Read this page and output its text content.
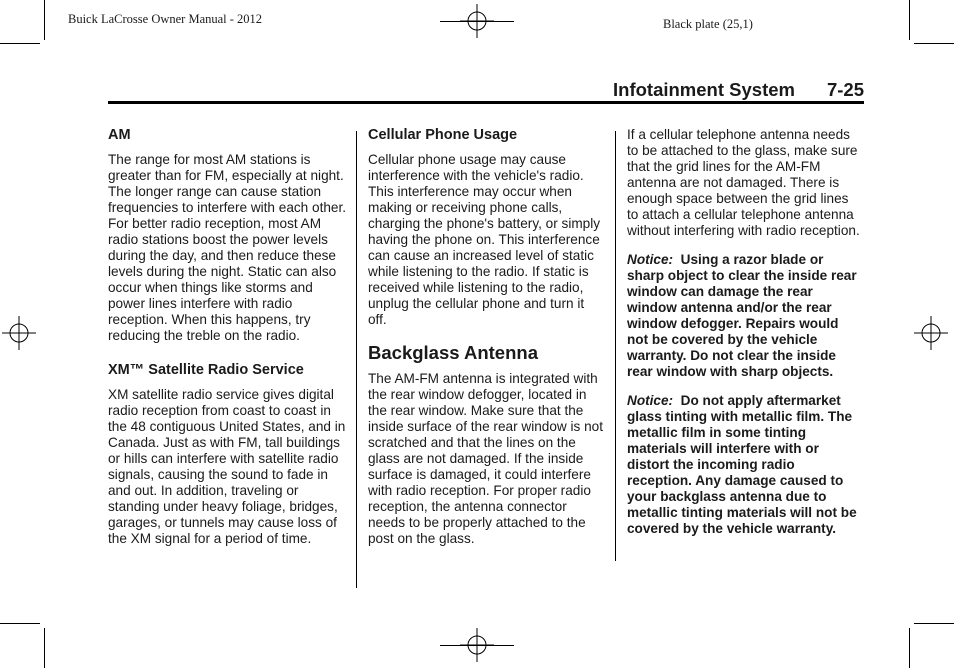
Buick LaCrosse Owner Manual - 2012	Black plate (25,1)
Infotainment System 7-25
AM

The range for most AM stations is greater than for FM, especially at night. The longer range can cause station frequencies to interfere with each other. For better radio reception, most AM radio stations boost the power levels during the day, and then reduce these levels during the night. Static can also occur when things like storms and power lines interfere with radio reception. When this happens, try reducing the treble on the radio.

XM™ Satellite Radio Service

XM satellite radio service gives digital radio reception from coast to coast in the 48 contiguous United States, and in Canada. Just as with FM, tall buildings or hills can interfere with satellite radio signals, causing the sound to fade in and out. In addition, traveling or standing under heavy foliage, bridges, garages, or tunnels may cause loss of the XM signal for a period of time.

Cellular Phone Usage

Cellular phone usage may cause interference with the vehicle's radio. This interference may occur when making or receiving phone calls, charging the phone's battery, or simply having the phone on. This interference can cause an increased level of static while listening to the radio. If static is received while listening to the radio, unplug the cellular phone and turn it off.

Backglass Antenna

The AM-FM antenna is integrated with the rear window defogger, located in the rear window. Make sure that the inside surface of the rear window is not scratched and that the lines on the glass are not damaged. If the inside surface is damaged, it could interfere with radio reception. For proper radio reception, the antenna connector needs to be properly attached to the post on the glass.

If a cellular telephone antenna needs to be attached to the glass, make sure that the grid lines for the AM-FM antenna are not damaged. There is enough space between the grid lines to attach a cellular telephone antenna without interfering with radio reception.

Notice: Using a razor blade or sharp object to clear the inside rear window can damage the rear window antenna and/or the rear window defogger. Repairs would not be covered by the vehicle warranty. Do not clear the inside rear window with sharp objects.

Notice: Do not apply aftermarket glass tinting with metallic film. The metallic film in some tinting materials will interfere with or distort the incoming radio reception. Any damage caused to your backglass antenna due to metallic tinting materials will not be covered by the vehicle warranty.
